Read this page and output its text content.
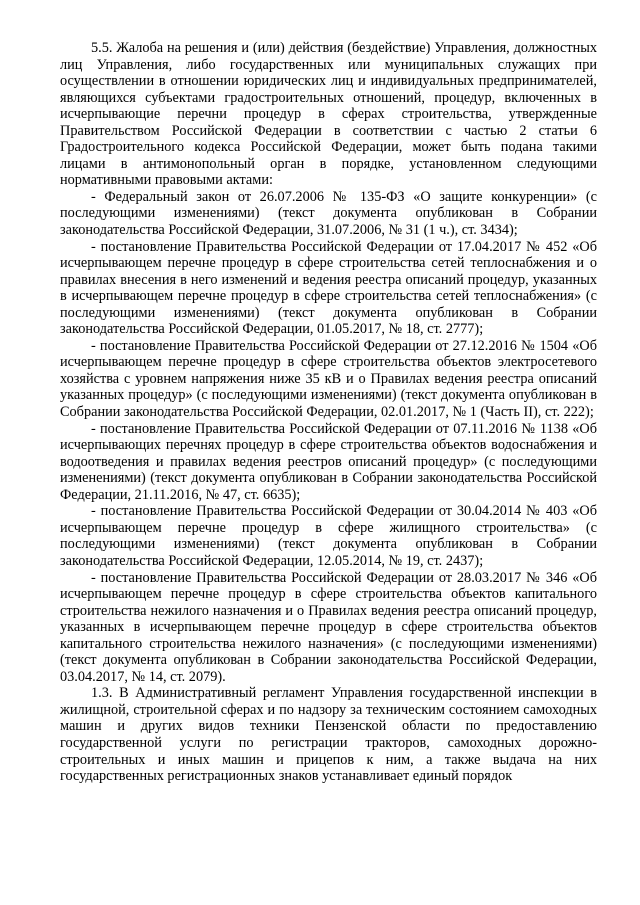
5.5. Жалоба на решения и (или) действия (бездействие) Управления, должностных лиц Управления, либо государственных или муниципальных служащих при осуществлении в отношении юридических лиц и индивидуальных предпринимателей, являющихся субъектами градостроительных отношений, процедур, включенных в исчерпывающие перечни процедур в сферах строительства, утвержденные Правительством Российской Федерации в соответствии с частью 2 статьи 6 Градостроительного кодекса Российской Федерации, может быть подана такими лицами в антимонопольный орган в порядке, установленном следующими нормативными правовыми актами:

- Федеральный закон от 26.07.2006 № 135-ФЗ «О защите конкуренции» (с последующими изменениями) (текст документа опубликован в Собрании законодательства Российской Федерации, 31.07.2006, № 31 (1 ч.), ст. 3434);

- постановление Правительства Российской Федерации от 17.04.2017 № 452 «Об исчерпывающем перечне процедур в сфере строительства сетей теплоснабжения и о правилах внесения в него изменений и ведения реестра описаний процедур, указанных в исчерпывающем перечне процедур в сфере строительства сетей теплоснабжения» (с последующими изменениями) (текст документа опубликован в Собрании законодательства Российской Федерации, 01.05.2017, № 18, ст. 2777);

- постановление Правительства Российской Федерации от 27.12.2016 № 1504 «Об исчерпывающем перечне процедур в сфере строительства объектов электросетевого хозяйства с уровнем напряжения ниже 35 кВ и о Правилах ведения реестра описаний указанных процедур» (с последующими изменениями) (текст документа опубликован в Собрании законодательства Российской Федерации, 02.01.2017, № 1 (Часть II), ст. 222);

- постановление Правительства Российской Федерации от 07.11.2016 № 1138 «Об исчерпывающих перечнях процедур в сфере строительства объектов водоснабжения и водоотведения и правилах ведения реестров описаний процедур» (с последующими изменениями) (текст документа опубликован в Собрании законодательства Российской Федерации, 21.11.2016, № 47, ст. 6635);

- постановление Правительства Российской Федерации от 30.04.2014 № 403 «Об исчерпывающем перечне процедур в сфере жилищного строительства» (с последующими изменениями) (текст документа опубликован в Собрании законодательства Российской Федерации, 12.05.2014, № 19, ст. 2437);

- постановление Правительства Российской Федерации от 28.03.2017 № 346 «Об исчерпывающем перечне процедур в сфере строительства объектов капитального строительства нежилого назначения и о Правилах ведения реестра описаний процедур, указанных в исчерпывающем перечне процедур в сфере строительства объектов капитального строительства нежилого назначения» (с последующими изменениями) (текст документа опубликован в Собрании законодательства Российской Федерации, 03.04.2017, № 14, ст. 2079).

1.3. В Административный регламент Управления государственной инспекции в жилищной, строительной сферах и по надзору за техническим состоянием самоходных машин и других видов техники Пензенской области по предоставлению государственной услуги по регистрации тракторов, самоходных дорожно-строительных и иных машин и прицепов к ним, а также выдача на них государственных регистрационных знаков устанавливает единый порядок
